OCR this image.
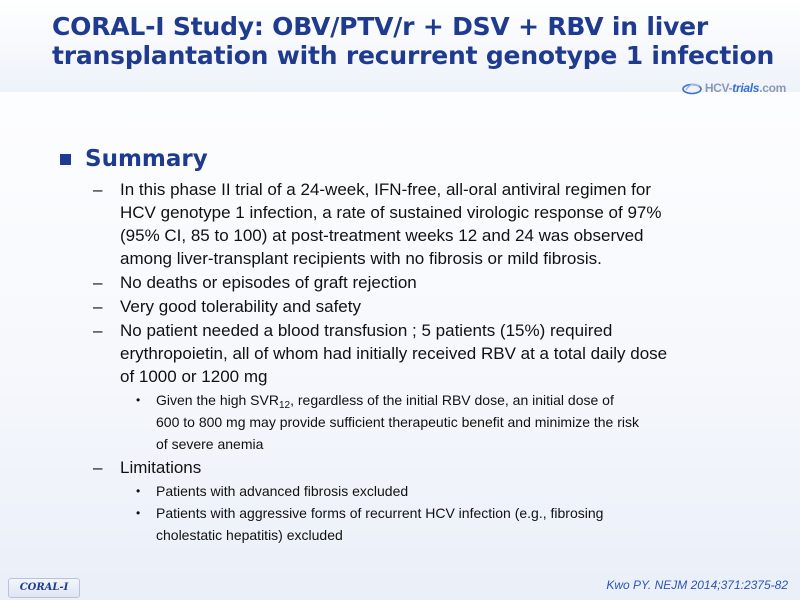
CORAL-I Study: OBV/PTV/r + DSV + RBV in liver
transplantation with recurrent genotype 1 infection
HCV-trials.com
Summary
– In this phase II trial of a 24-week, IFN-free, all-oral antiviral regimen for
HCV genotype 1 infection, a rate of sustained virologic response of 97%
(95% CI, 85 to 100) at post-treatment weeks 12 and 24 was observed
among liver-transplant recipients with no fibrosis or mild fibrosis.
– No deaths or episodes of graft rejection
– Very good tolerability and safety
– No patient needed a blood transfusion ; 5 patients (15%) required
erythropoietin, all of whom had initially received RBV at a total daily dose
of 1000 or 1200 mg
• Given the high $SVR_{12}$, regardless of the initial RBV dose, an initial dose of
600 to 800 mg may provide sufficient therapeutic benefit and minimize the risk
of severe anemia
– Limitations
• Patients with advanced fibrosis excluded
• Patients with aggressive forms of recurrent HCV infection (e.g., fibrosing
cholestatic hepatitis) excluded
CORAL-I	Kwo PY. NEJM 2014;371:2375-82
